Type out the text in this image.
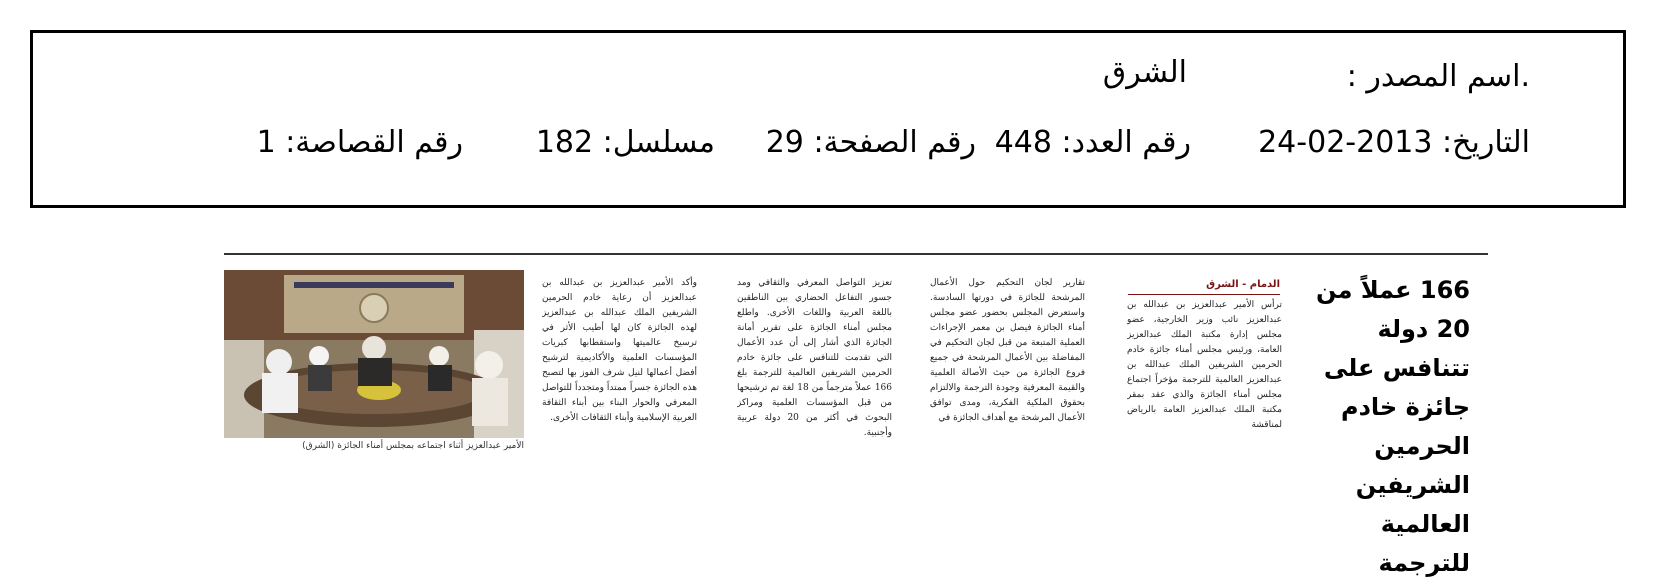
.اسم المصدر :
الشرق
التاريخ: 2013-02-24
رقم العدد: 448
رقم الصفحة: 29
مسلسل: 182
رقم القصاصة: 1
166 عملاً من 20 دولة تتنافس على جائزة خادم الحرمين الشريفين العالمية للترجمة
الدمام - الشرق
ترأس الأمير عبدالعزيز بن عبدالله بن عبدالعزيز نائب وزير الخارجية، عضو مجلس إدارة مكتبة الملك عبدالعزيز العامة، ورئيس مجلس أمناء جائزة خادم الحرمين الشريفين الملك عبدالله بن عبدالعزيز العالمية للترجمة مؤخراً اجتماع مجلس أمناء الجائزة والذي عقد بمقر مكتبة الملك عبدالعزيز العامة بالرياض لمناقشة
تقارير لجان التحكيم حول الأعمال المرشحة للجائزة في دورتها السادسة. واستعرض المجلس بحضور عضو مجلس أمناء الجائزة فيصل بن معمر الإجراءات العملية المتبعة من قبل لجان التحكيم في المفاضلة بين الأعمال المرشحة في جميع فروع الجائزة من حيث الأصالة العلمية والقيمة المعرفية وجودة الترجمة والالتزام بحقوق الملكية الفكرية، ومدى توافق الأعمال المرشحة مع أهداف الجائزة في
تعزيز التواصل المعرفي والثقافي ومد جسور التفاعل الحضاري بين الناطقين باللغة العربية واللغات الأخرى. واطلع مجلس أمناء الجائزة على تقرير أمانة الجائزة الذي أشار إلى أن عدد الأعمال التي تقدمت للتنافس على جائزة خادم الحرمين الشريفين العالمية للترجمة بلغ 166 عملاً مترجماً من 18 لغة تم ترشيحها من قبل المؤسسات العلمية ومراكز البحوث في أكثر من 20 دولة عربية وأجنبية.
وأكد الأمير عبدالعزيز بن عبدالله بن عبدالعزيز أن رعاية خادم الحرمين الشريفين الملك عبدالله بن عبدالعزيز لهذه الجائزة كان لها أطيب الأثر في ترسيخ عالميتها واستقطابها كبريات المؤسسات العلمية والأكاديمية لترشيح أفضل أعمالها لنيل شرف الفوز بها لتصبح هذه الجائزة جسراً ممتداً ومتجدداً للتواصل المعرفي والحوار البناء بين أبناء الثقافة العربية الإسلامية وأبناء الثقافات الأخرى.
الأمير عبدالعزيز أثناء اجتماعه بمجلس أمناء الجائزة (الشرق)
